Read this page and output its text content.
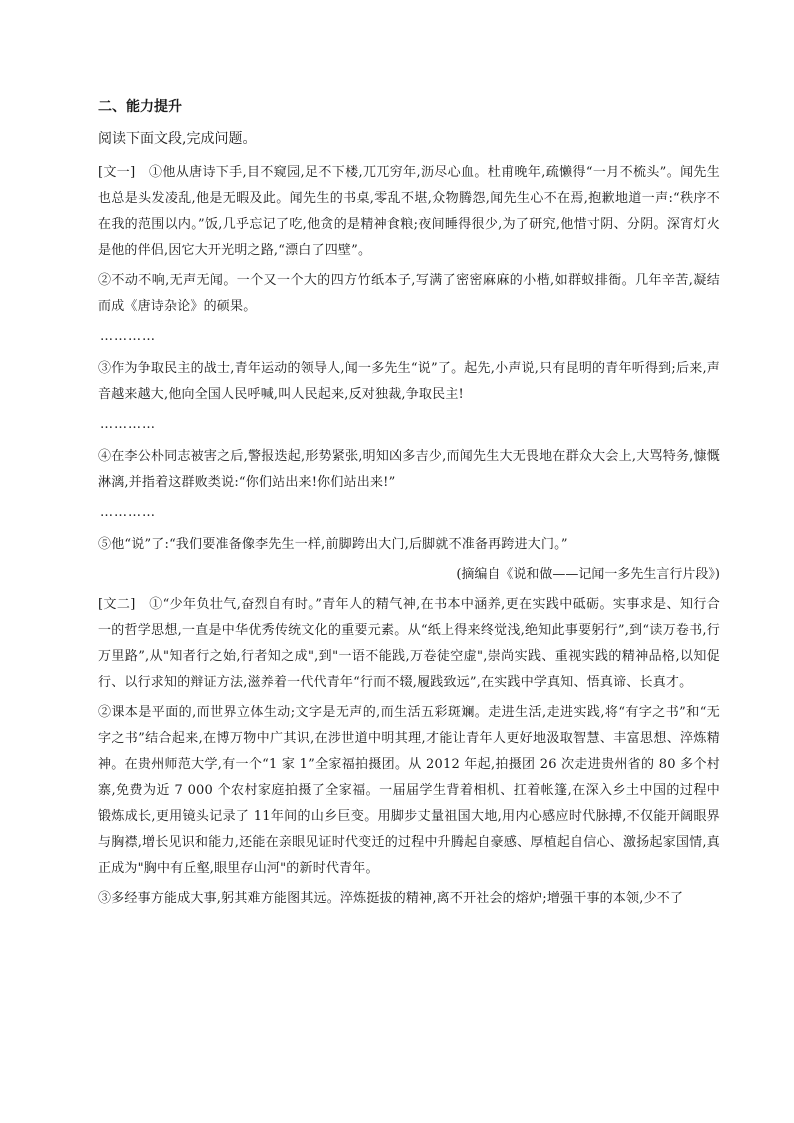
二、能力提升

阅读下面文段,完成问题。

[文一]　①他从唐诗下手,目不窥园,足不下楼,兀兀穷年,沥尽心血。杜甫晚年,疏懒得“一月不梳头”。闻先生也总是头发凌乱,他是无暇及此。闻先生的书桌,零乱不堪,众物腾怨,闻先生心不在焉,抱歉地道一声:“秩序不在我的范围以内。”饭,几乎忘记了吃,他贪的是精神食粮;夜间睡得很少,为了研究,他惜寸阴、分阴。深宵灯火是他的伴侣,因它大开光明之路,“漂白了四壁”。

②不动不响,无声无闻。一个又一个大的四方竹纸本子,写满了密密麻麻的小楷,如群蚁排衙。几年辛苦,凝结而成《唐诗杂论》的硕果。

…………

③作为争取民主的战士,青年运动的领导人,闻一多先生“说”了。起先,小声说,只有昆明的青年听得到;后来,声音越来越大,他向全国人民呼喊,叫人民起来,反对独裁,争取民主!

…………

④在李公朴同志被害之后,警报迭起,形势紧张,明知凶多吉少,而闻先生大无畏地在群众大会上,大骂特务,慷慨淋漓,并指着这群败类说:“你们站出来!你们站出来!”

…………

⑤他“说”了:“我们要准备像李先生一样,前脚跨出大门,后脚就不准备再跨进大门。”

(摘编自《说和做——记闻一多先生言行片段》)

[文二]　①“少年负壮气,奋烈自有时。”青年人的精气神,在书本中涵养,更在实践中砥砺。实事求是、知行合一的哲学思想,一直是中华优秀传统文化的重要元素。从“纸上得来终觉浅,绝知此事要躬行”,到“读万卷书,行万里路”,从"知者行之始,行者知之成",到"一语不能践,万卷徒空虚",崇尚实践、重视实践的精神品格,以知促行、以行求知的辩证方法,滋养着一代代青年“行而不辍,履践致远”,在实践中学真知、悟真谛、长真才。

②课本是平面的,而世界立体生动;文字是无声的,而生活五彩斑斓。走进生活,走进实践,将“有字之书”和“无字之书”结合起来,在博万物中广其识,在涉世道中明其理,才能让青年人更好地汲取智慧、丰富思想、淬炼精神。在贵州师范大学,有一个“1 家 1”全家福拍摄团。从 2012 年起,拍摄团 26 次走进贵州省的 80 多个村寨,免费为近 7 000 个农村家庭拍摄了全家福。一届届学生背着相机、扛着帐篷,在深入乡土中国的过程中锻炼成长,更用镜头记录了 11年间的山乡巨变。用脚步丈量祖国大地,用内心感应时代脉搏,不仅能开阔眼界与胸襟,增长见识和能力,还能在亲眼见证时代变迁的过程中升腾起自豪感、厚植起自信心、激扬起家国情,真正成为"胸中有丘壑,眼里存山河"的新时代青年。

③多经事方能成大事,躬其难方能图其远。淬炼挺拔的精神,离不开社会的熔炉;增强干事的本领,少不了
